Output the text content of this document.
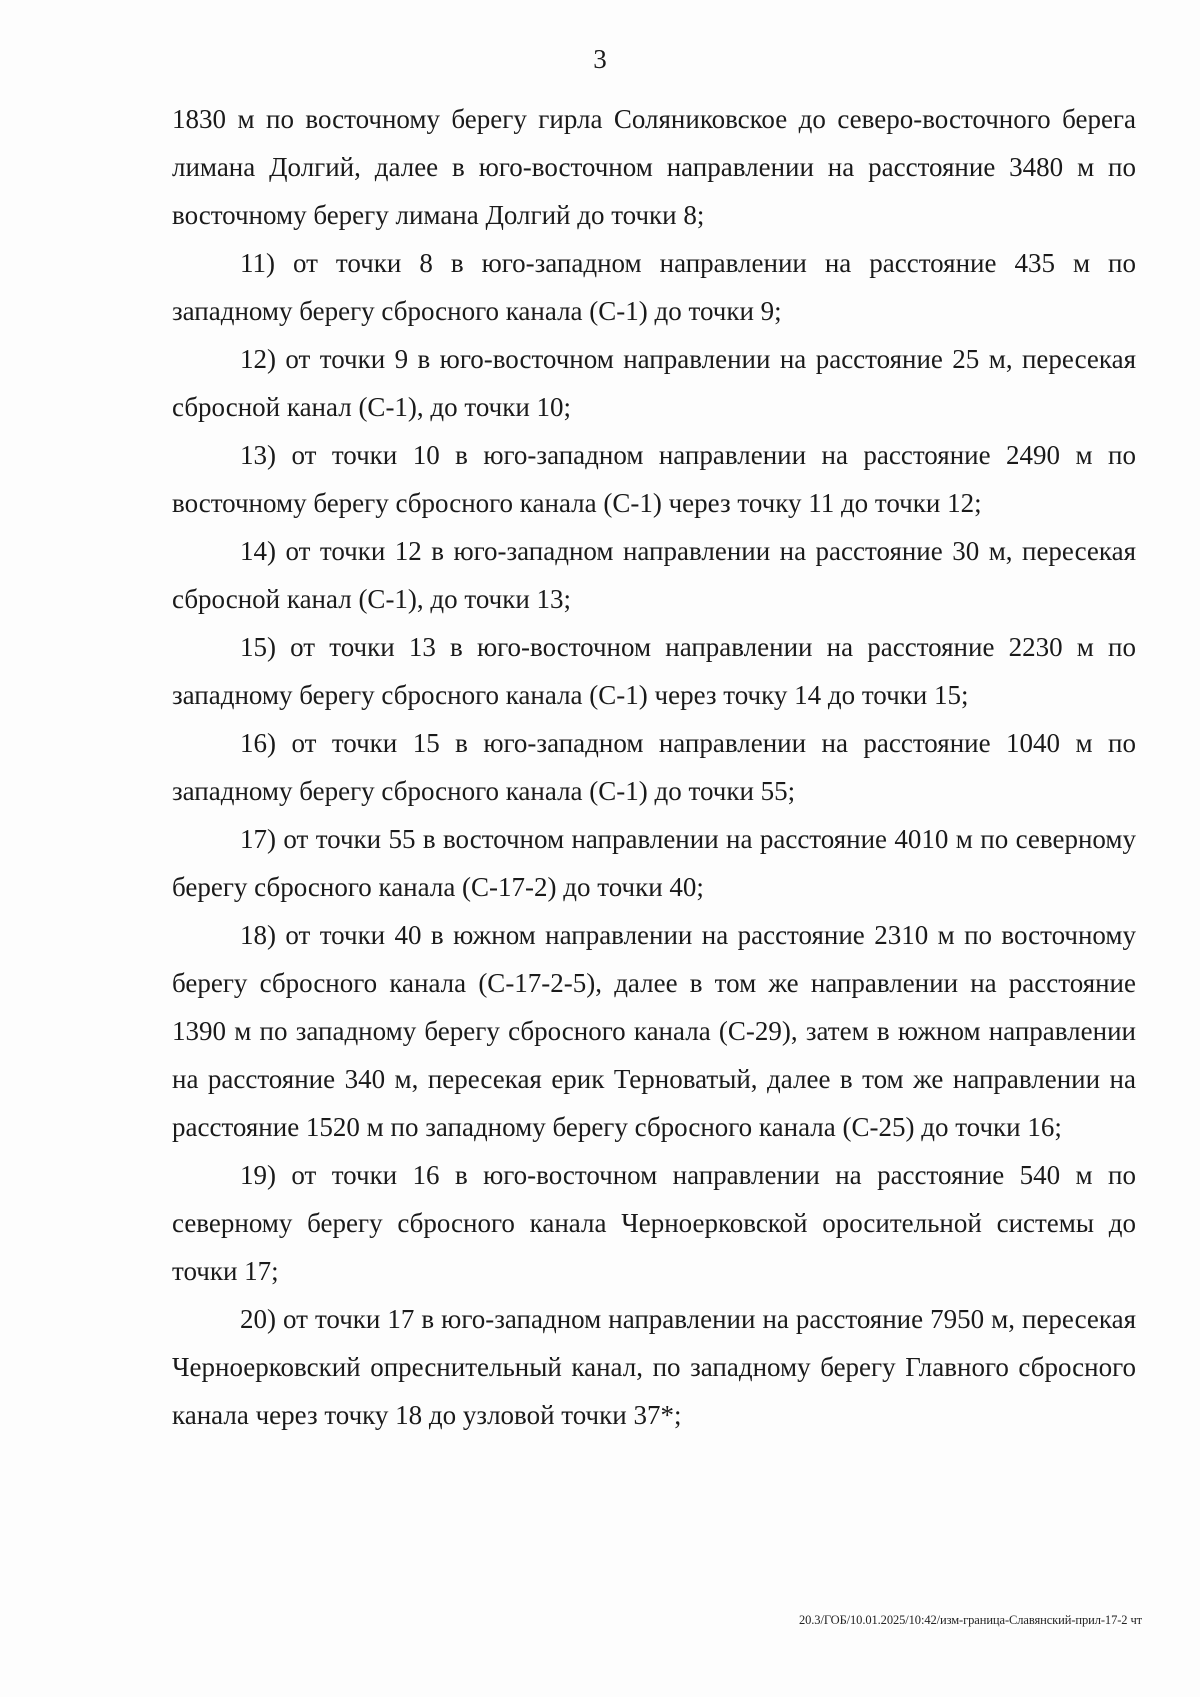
3

1830 м по восточному берегу гирла Соляниковское до северо-восточного берега лимана Долгий, далее в юго-восточном направлении на расстояние 3480 м по восточному берегу лимана Долгий до точки 8;

11) от точки 8 в юго-западном направлении на расстояние 435 м по западному берегу сбросного канала (С-1) до точки 9;

12) от точки 9 в юго-восточном направлении на расстояние 25 м, пересекая сбросной канал (С-1), до точки 10;

13) от точки 10 в юго-западном направлении на расстояние 2490 м по восточному берегу сбросного канала (С-1) через точку 11 до точки 12;

14) от точки 12 в юго-западном направлении на расстояние 30 м, пересекая сбросной канал (С-1), до точки 13;

15) от точки 13 в юго-восточном направлении на расстояние 2230 м по западному берегу сбросного канала (С-1) через точку 14 до точки 15;

16) от точки 15 в юго-западном направлении на расстояние 1040 м по западному берегу сбросного канала (С-1) до точки 55;

17) от точки 55 в восточном направлении на расстояние 4010 м по северному берегу сбросного канала (С-17-2) до точки 40;

18) от точки 40 в южном направлении на расстояние 2310 м по восточному берегу сбросного канала (С-17-2-5), далее в том же направлении на расстояние 1390 м по западному берегу сбросного канала (С-29), затем в южном направлении на расстояние 340 м, пересекая ерик Терноватый, далее в том же направлении на расстояние 1520 м по западному берегу сбросного канала (С-25) до точки 16;

19) от точки 16 в юго-восточном направлении на расстояние 540 м по северному берегу сбросного канала Черноерковской оросительной системы до точки 17;

20) от точки 17 в юго-западном направлении на расстояние 7950 м, пересекая Черноерковский опреснительный канал, по западному берегу Главного сбросного канала через точку 18 до узловой точки 37*;

20.3/ГОБ/10.01.2025/10:42/изм-граница-Славянский-прил-17-2 чт
